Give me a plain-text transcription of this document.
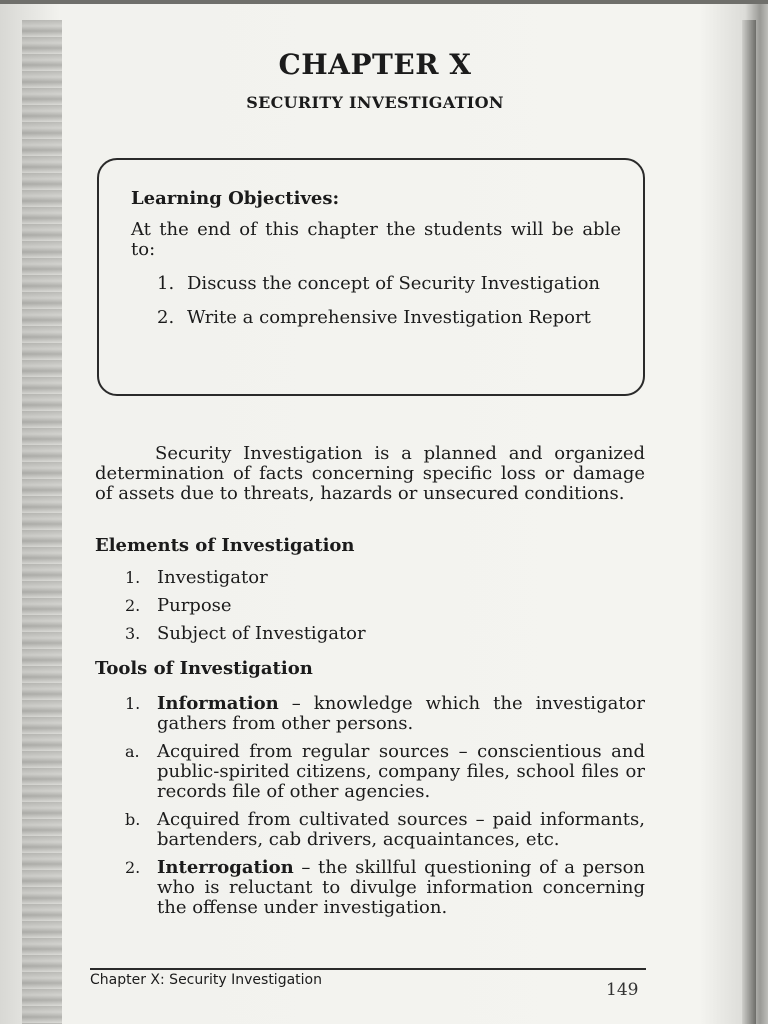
CHAPTER X
SECURITY INVESTIGATION
Learning Objectives:
At the end of this chapter the students will be able to:
1. Discuss the concept of Security Investigation
2. Write a comprehensive Investigation Report
Security Investigation is a planned and organized determination of facts concerning specific loss or damage of assets due to threats, hazards or unsecured conditions.
Elements of Investigation
1. Investigator
2. Purpose
3. Subject of Investigator
Tools of Investigation
1. Information – knowledge which the investigator gathers from other persons.
a. Acquired from regular sources – conscientious and public-spirited citizens, company files, school files or records file of other agencies.
b. Acquired from cultivated sources – paid informants, bartenders, cab drivers, acquaintances, etc.
2. Interrogation – the skillful questioning of a person who is reluctant to divulge information concerning the offense under investigation.
Chapter X: Security Investigation	149
